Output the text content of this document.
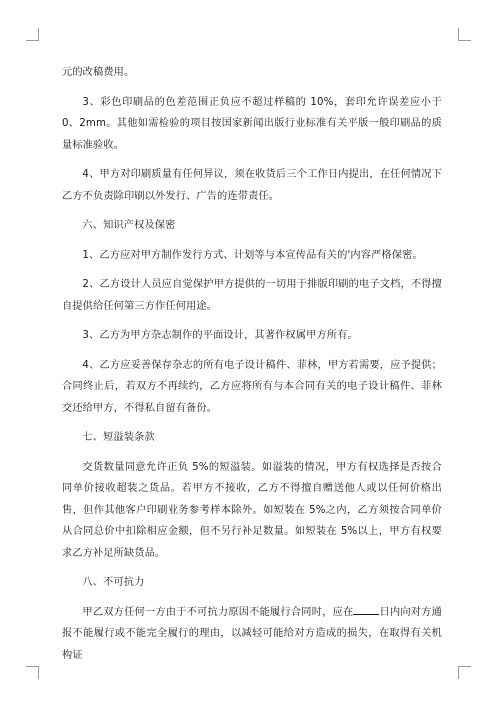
元的改稿费用。

3、彩色印刷品的色差范围正负应不超过样稿的 10%，套印允许误差应小于 0、2mm。其他如需检验的项目按国家新闻出版行业标准有关平版一般印刷品的质量标准验收。

4、甲方对印刷质量有任何异议，须在收货后三个工作日内提出，在任何情况下乙方不负责除印刷以外发行、广告的连带责任。

六、知识产权及保密

1、乙方应对甲方制作发行方式、计划等与本宣传品有关的'内容严格保密。

2、乙方设计人员应自觉保护甲方提供的一切用于排版印刷的电子文档，不得擅自提供给任何第三方作任何用途。

3、乙方为甲方杂志制作的平面设计，其著作权属甲方所有。

4、乙方应妥善保存杂志的所有电子设计稿件、菲林，甲方若需要，应予提供；合同终止后，若双方不再续约，乙方应将所有与本合同有关的电子设计稿件、菲林交还给甲方，不得私自留有备份。

七、短溢装条款

交货数量同意允许正负 5%的短溢装。如溢装的情况，甲方有权选择是否按合同单价接收超装之货品。若甲方不接收，乙方不得擅自赠送他人或以任何价格出售，但作其他客户印刷业务参考样本除外。如短装在 5%之内，乙方须按合同单价从合同总价中扣除相应金额，但不另行补足数量。如短装在 5%以上，甲方有权要求乙方补足所缺货品。

八、不可抗力

甲乙双方任何一方由于不可抗力原因不能履行合同时，应在	日内向对方通报不能履行或不能完全履行的理由，以减轻可能给对方造成的损失，在取得有关机构证
